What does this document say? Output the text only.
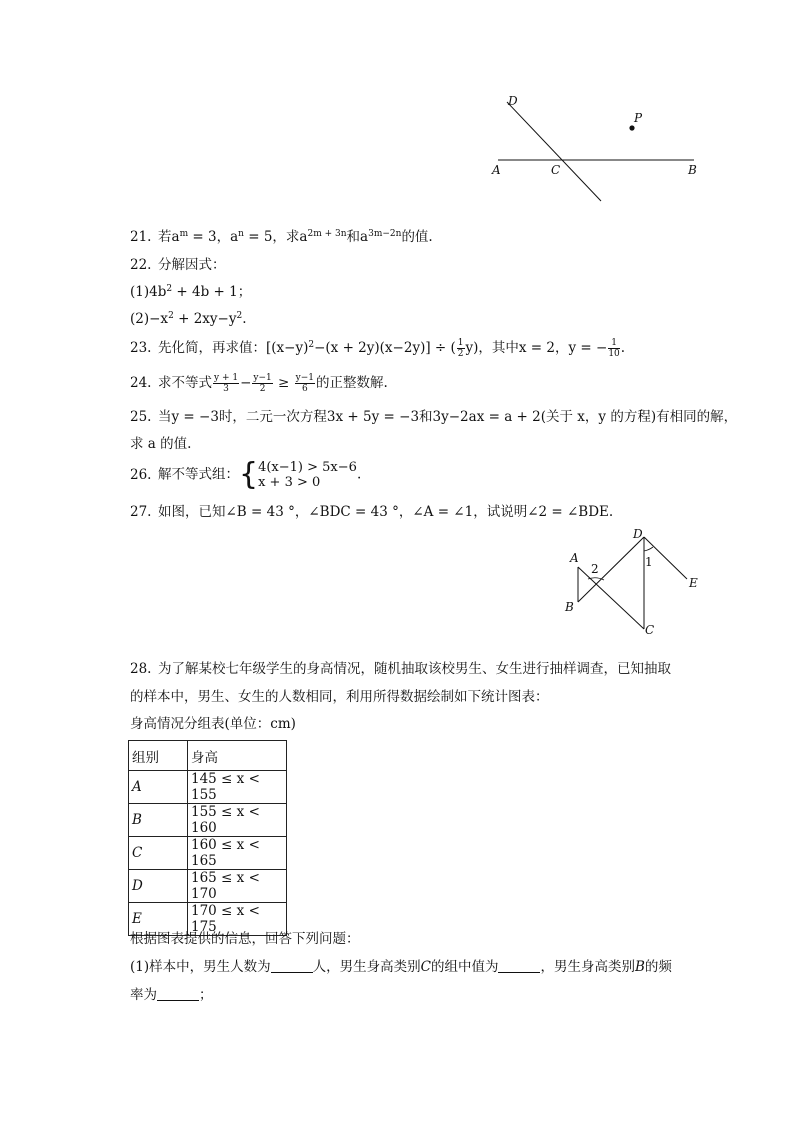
D
P
A	C	B
21. 若$a^m = 3$，$a^n = 5$，求$a^{2m + 3n}$和$a^{3m-2n}$的值.
22. 分解因式：
$(1)4b^2 + 4b + 1$；
$(2)-x^2 + 2xy-y^2$.
23. 先化简，再求值：$[(x-y)^2-(x + 2y)(x-2y)]$ ÷ ( $\frac{1}{2} y$)，其中x = 2，y = − $\frac{1}{10}$ .
24. 求不等式 $\frac{y + 1}{3} - \frac{y-1}{2} \ge \frac{y-1}{6}$ 的正整数解.
25. 当y = −3时，二元一次方程3x + 5y = −3和3y−2ax = a + 2(关于 x，y 的方程)有相同的解，
求 a 的值.
26. 解不等式组：{ 4(x−1) > 5x−6
x + 3 > 0	.
27. 如图，已知∠B = 43 °，∠BDC = 43 °，∠A = ∠1，试说明∠2 = ∠BDE.
D
A
2	1
E
B
C
28. 为了解某校七年级学生的身高情况，随机抽取该校男生、女生进行抽样调查，已知抽取
的样本中，男生、女生的人数相同，利用所得数据绘制如下统计图表：
身高情况分组表(单位：cm)
组别	身高
A	145 ≤ x < 155
B	155 ≤ x < 160
C	160 ≤ x < 165
D	165 ≤ x < 170
E	170 ≤ x < 175
根据图表提供的信息，回答下列问题：
(1)样本中，男生人数为	人，男生身高类别C的组中值为	，男生身高类别B的频
率为	；
